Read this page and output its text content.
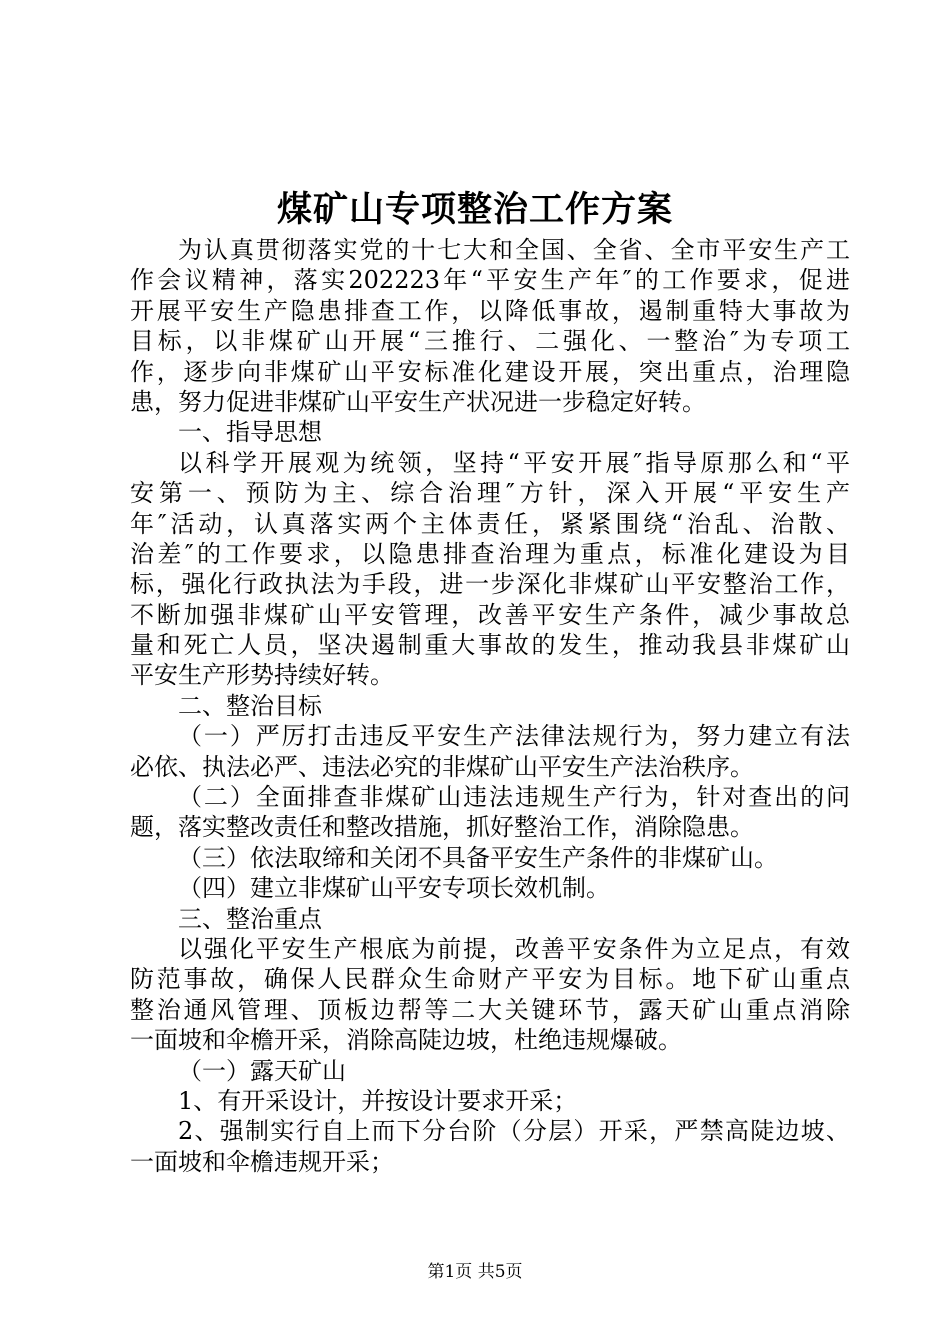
煤矿山专项整治工作方案
为认真贯彻落实党的十七大和全国、全省、全市平安生产工
作会议精神，落实202223年“平安生产年″的工作要求，促进
开展平安生产隐患排查工作，以降低事故，遏制重特大事故为
目标，以非煤矿山开展“三推行、二强化、一整治″为专项工
作，逐步向非煤矿山平安标准化建设开展，突出重点，治理隐
患，努力促进非煤矿山平安生产状况进一步稳定好转。
一、指导思想
以科学开展观为统领，坚持“平安开展″指导原那么和“平
安第一、预防为主、综合治理″方针，深入开展“平安生产
年″活动，认真落实两个主体责任，紧紧围绕“治乱、治散、
治差″的工作要求，以隐患排查治理为重点，标准化建设为目
标，强化行政执法为手段，进一步深化非煤矿山平安整治工作，
不断加强非煤矿山平安管理，改善平安生产条件，减少事故总
量和死亡人员，坚决遏制重大事故的发生，推动我县非煤矿山
平安生产形势持续好转。
二、整治目标
（一）严厉打击违反平安生产法律法规行为，努力建立有法
必依、执法必严、违法必究的非煤矿山平安生产法治秩序。
（二）全面排查非煤矿山违法违规生产行为，针对查出的问
题，落实整改责任和整改措施，抓好整治工作，消除隐患。
（三）依法取缔和关闭不具备平安生产条件的非煤矿山。
（四）建立非煤矿山平安专项长效机制。
三、整治重点
以强化平安生产根底为前提，改善平安条件为立足点，有效
防范事故，确保人民群众生命财产平安为目标。地下矿山重点
整治通风管理、顶板边帮等二大关键环节，露天矿山重点消除
一面坡和伞檐开采，消除高陡边坡，杜绝违规爆破。
（一）露天矿山
1、有开采设计，并按设计要求开采；
2、强制实行自上而下分台阶（分层）开采，严禁高陡边坡、
一面坡和伞檐违规开采；
第1页 共5页
